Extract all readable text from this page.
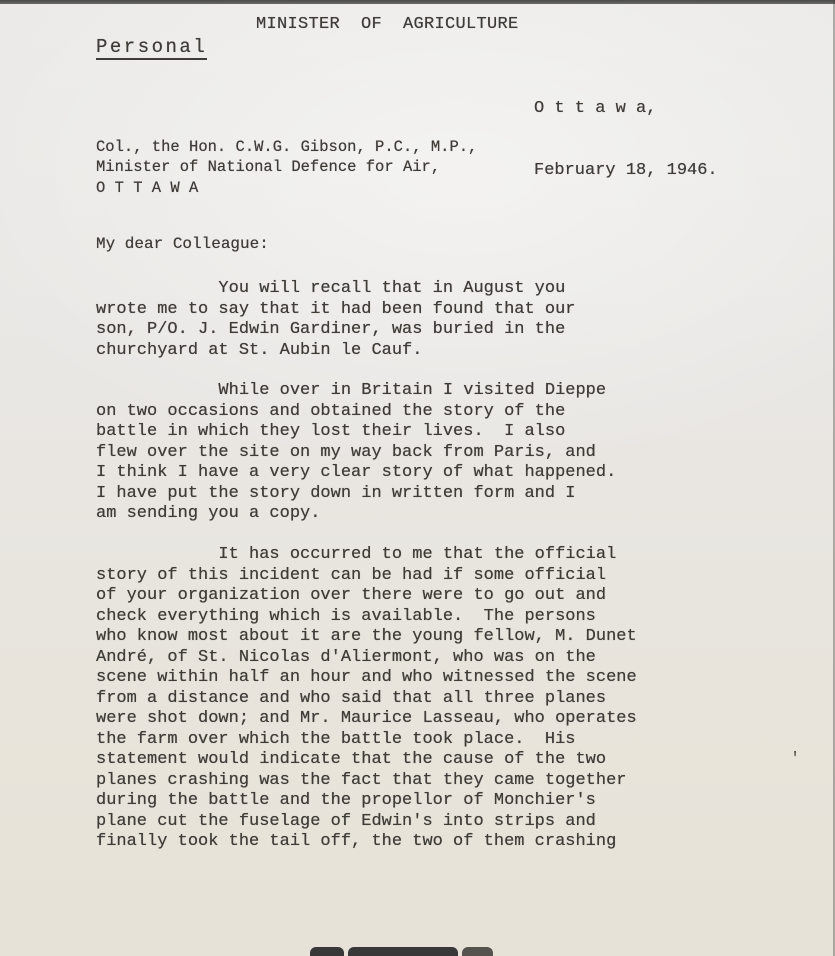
MINISTER  OF  AGRICULTURE
Personal

O t t a w a,

February 18, 1946.

Col., the Hon. C.W.G. Gibson, P.C., M.P.,
Minister of National Defence for Air,
O T T A W A
My dear Colleague:
You will recall that in August you
wrote me to say that it had been found that our
son, P/O. J. Edwin Gardiner, was buried in the
churchyard at St. Aubin le Cauf.
While over in Britain I visited Dieppe
on two occasions and obtained the story of the
battle in which they lost their lives.  I also
flew over the site on my way back from Paris, and
I think I have a very clear story of what happened.
I have put the story down in written form and I
am sending you a copy.
It has occurred to me that the official
story of this incident can be had if some official
of your organization over there were to go out and
check everything which is available.  The persons
who know most about it are the young fellow, M. Dunet
André, of St. Nicolas d'Aliermont, who was on the
scene within half an hour and who witnessed the scene
from a distance and who said that all three planes
were shot down; and Mr. Maurice Lasseau, who operates
the farm over which the battle took place.  His
statement would indicate that the cause of the two
planes crashing was the fact that they came together
during the battle and the propellor of Monchier's
plane cut the fuselage of Edwin's into strips and
finally took the tail off, the two of them crashing
'
